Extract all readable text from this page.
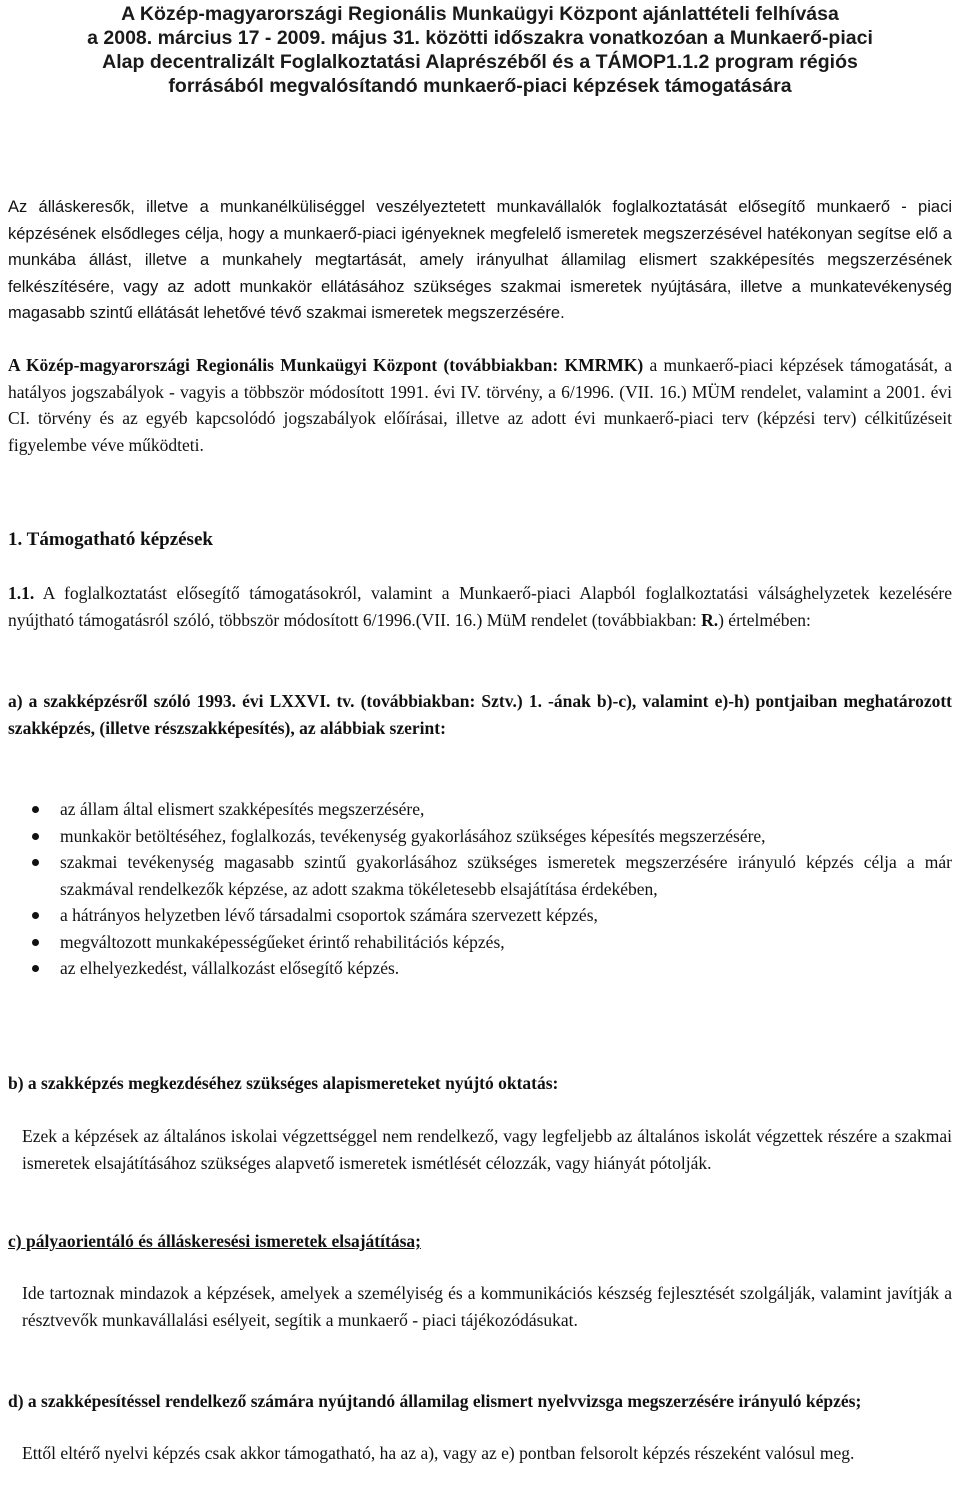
A Közép-magyarországi Regionális Munkaügyi Központ ajánlattételi felhívása
a 2008. március 17 - 2009. május 31. közötti időszakra vonatkozóan a Munkaerő-piaci
Alap decentralizált Foglalkoztatási Alaprészéből és a TÁMOP1.1.2 program régiós
forrásából megvalósítandó munkaerő-piaci képzések támogatására
Az álláskeresők, illetve a munkanélküliséggel veszélyeztetett munkavállalók foglalkoztatását elősegítő munkaerő - piaci képzésének elsődleges célja, hogy a munkaerő-piaci igényeknek megfelelő ismeretek megszerzésével hatékonyan segítse elő a munkába állást, illetve a munkahely megtartását, amely irányulhat államilag elismert szakképesítés megszerzésének felkészítésére, vagy az adott munkakör ellátásához szükséges szakmai ismeretek nyújtására, illetve a munkatevékenység magasabb szintű ellátását lehetővé tévő szakmai ismeretek megszerzésére.
A Közép-magyarországi Regionális Munkaügyi Központ (továbbiakban: KMRMK) a munkaerő-piaci képzések támogatását, a hatályos jogszabályok - vagyis a többször módosított 1991. évi IV. törvény, a 6/1996. (VII. 16.) MÜM rendelet, valamint a 2001. évi CI. törvény és az egyéb kapcsolódó jogszabályok előírásai, illetve az adott évi munkaerő-piaci terv (képzési terv) célkitűzéseit figyelembe véve működteti.
1. Támogatható képzések
1.1. A foglalkoztatást elősegítő támogatásokról, valamint a Munkaerő-piaci Alapból foglalkoztatási válsághelyzetek kezelésére nyújtható támogatásról szóló, többször módosított 6/1996.(VII. 16.) MüM rendelet (továbbiakban: R.) értelmében:
a) a szakképzésről szóló 1993. évi LXXVI. tv. (továbbiakban: Sztv.) 1. -ának b)-c), valamint e)-h) pontjaiban meghatározott szakképzés, (illetve részszakképesítés), az alábbiak szerint:
az állam által elismert szakképesítés megszerzésére,
munkakör betöltéséhez, foglalkozás, tevékenység gyakorlásához szükséges képesítés megszerzésére,
szakmai tevékenység magasabb szintű gyakorlásához szükséges ismeretek megszerzésére irányuló képzés célja a már szakmával rendelkezők képzése, az adott szakma tökéletesebb elsajátítása érdekében,
a hátrányos helyzetben lévő társadalmi csoportok számára szervezett képzés,
megváltozott munkaképességűeket érintő rehabilitációs képzés,
az elhelyezkedést, vállalkozást elősegítő képzés.
b) a szakképzés megkezdéséhez szükséges alapismereteket nyújtó oktatás:
Ezek a képzések az általános iskolai végzettséggel nem rendelkező, vagy legfeljebb az általános iskolát végzettek részére a szakmai ismeretek elsajátításához szükséges alapvető ismeretek ismétlését célozzák, vagy hiányát pótolják.
c) pályaorientáló és álláskeresési ismeretek elsajátítása;
Ide tartoznak mindazok a képzések, amelyek a személyiség és a kommunikációs készség fejlesztését szolgálják, valamint javítják a résztvevők munkavállalási esélyeit, segítik a munkaerő - piaci tájékozódásukat.
d) a szakképesítéssel rendelkező számára nyújtandó államilag elismert nyelvvizsga megszerzésére irányuló képzés;
Ettől eltérő nyelvi képzés csak akkor támogatható, ha az a), vagy az e) pontban felsorolt képzés részeként valósul meg.
